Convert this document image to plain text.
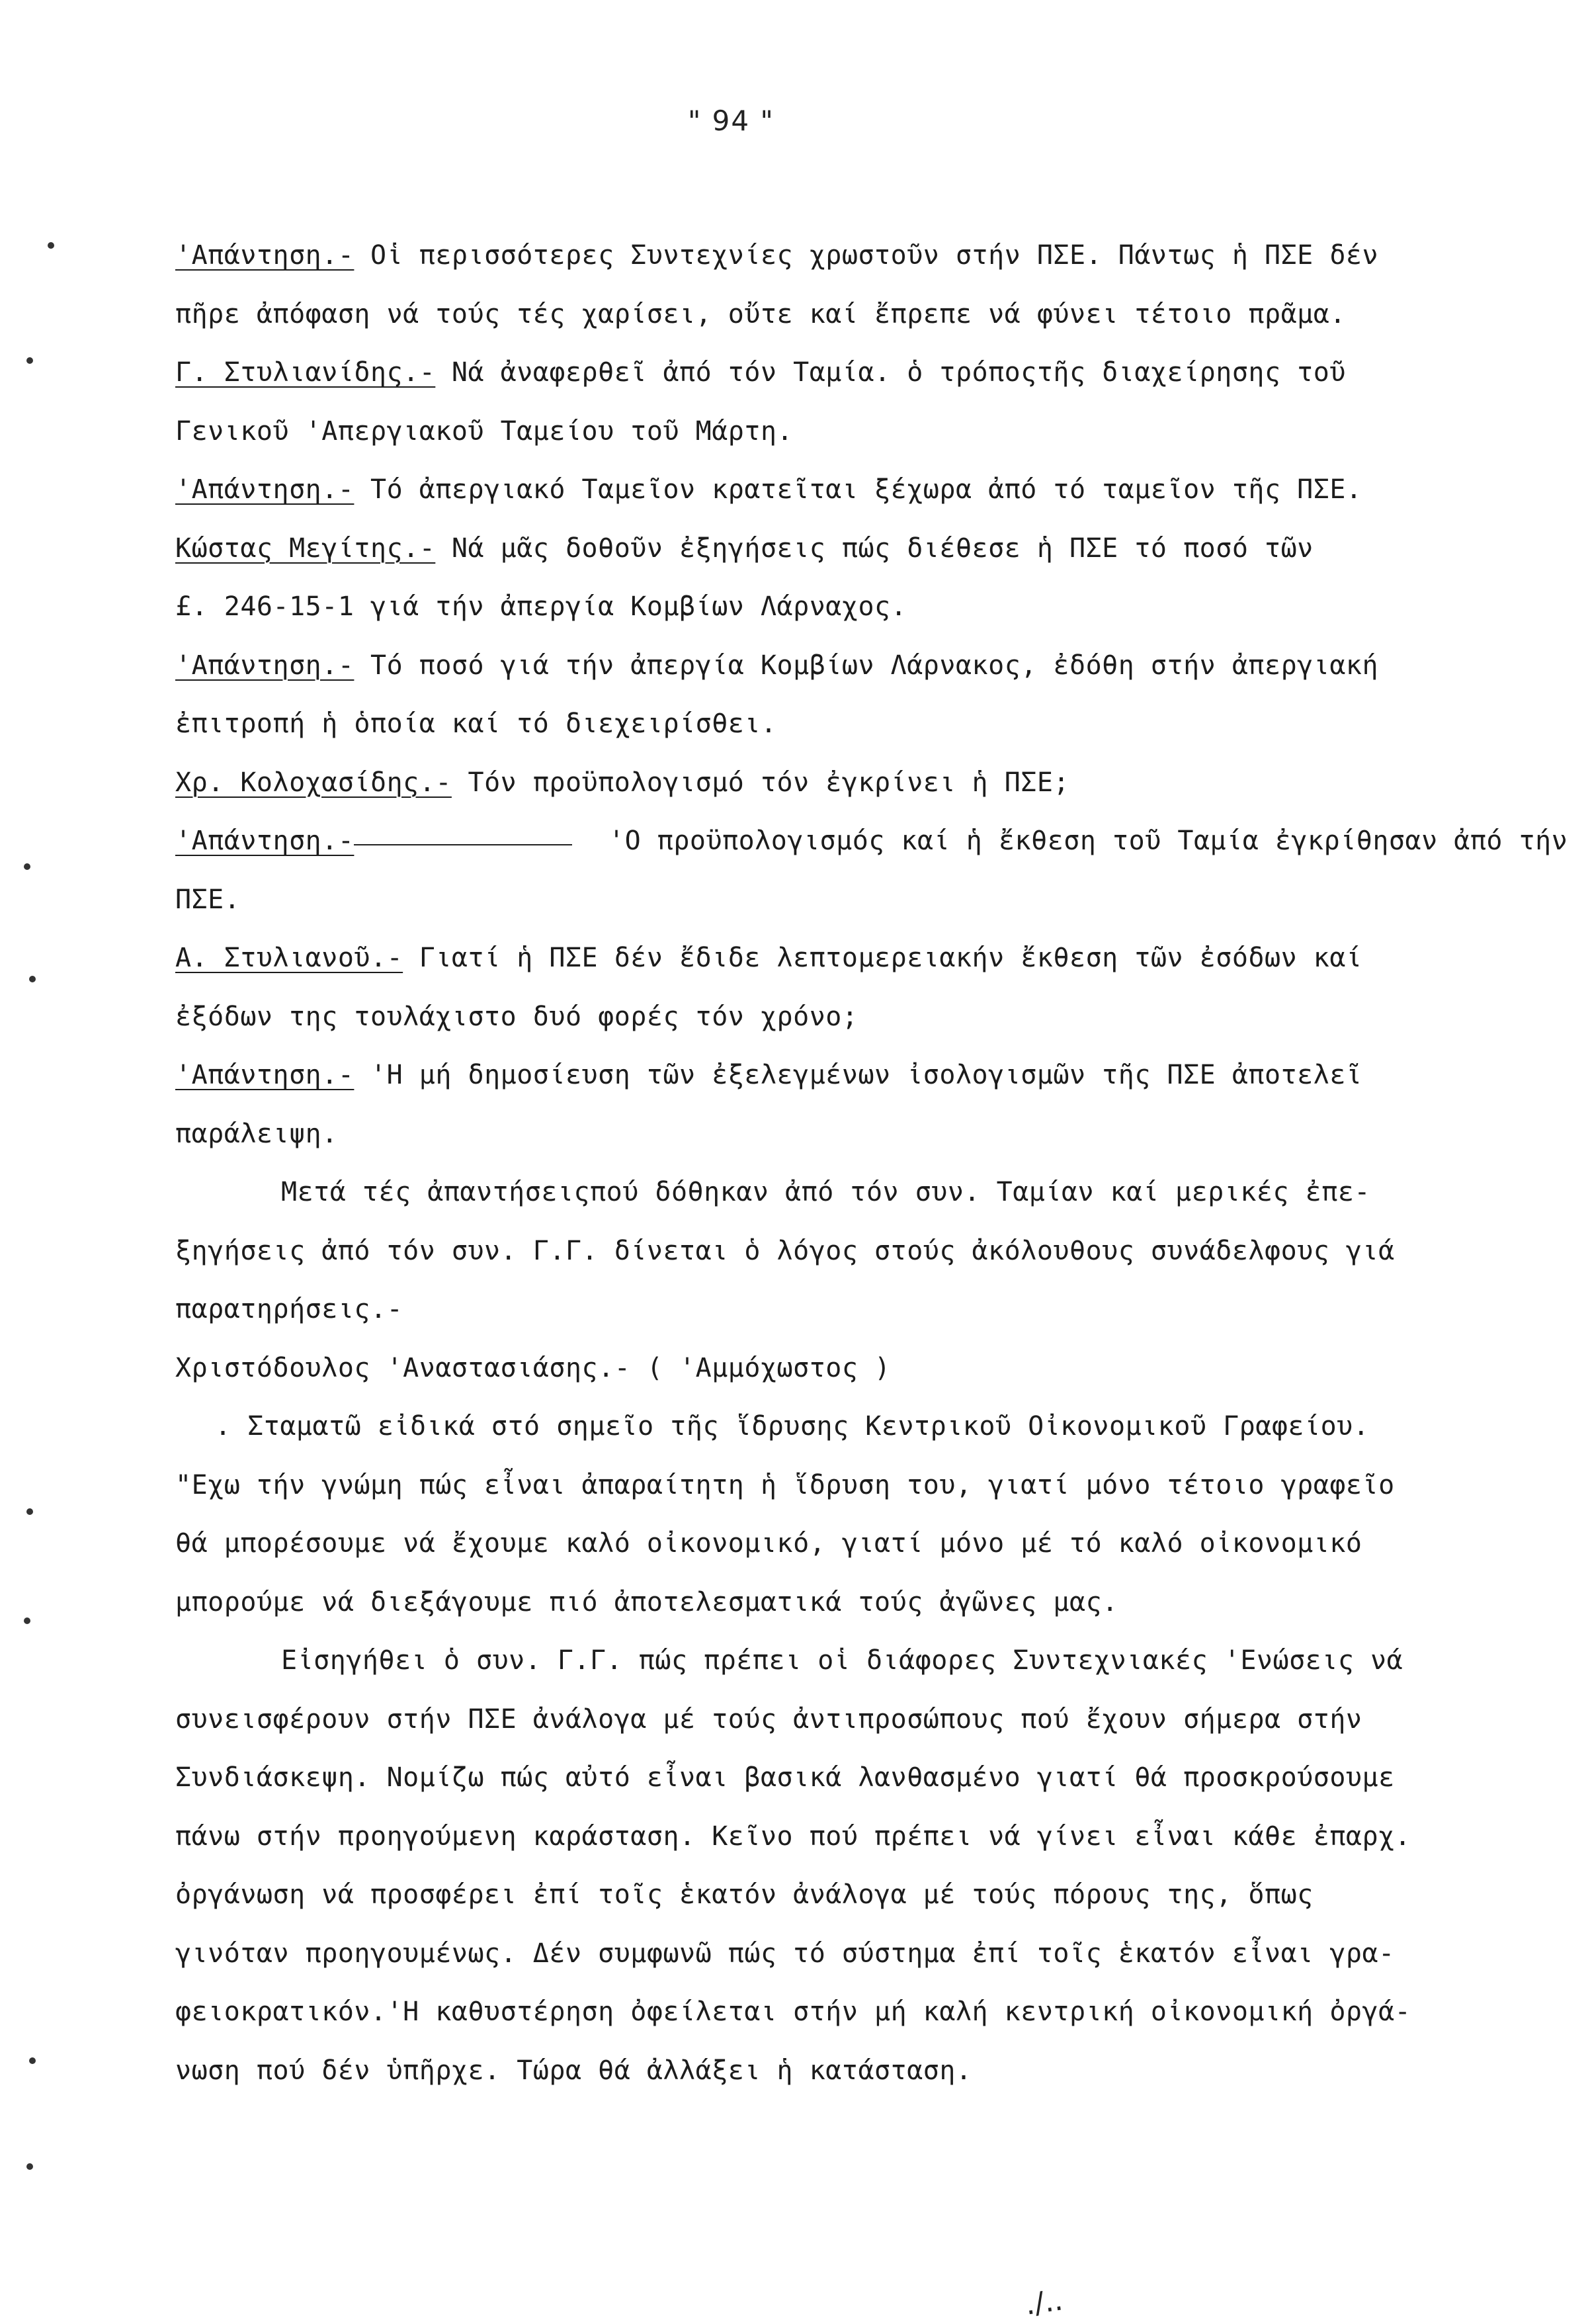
" 94 "
'Απάντηση.- Οἱ περισσότερες Συντεχνίες χρωστοῦν στήν ΠΣΕ. Πάντως ἡ ΠΣΕ δέν
πῆρε ἀπόφαση νά τούς τές χαρίσει, οὔτε καί ἔπρεπε νά φύνει τέτοιο πρᾶμα.
Γ. Στυλιανίδης.- Νά ἀναφερθεῖ ἀπό τόν Ταμία. ὁ τρόποςτῆς διαχείρησης τοῦ
Γενικοῦ 'Απεργιακοῦ Ταμείου τοῦ Μάρτη.
'Απάντηση.- Τό ἀπεργιακό Ταμεῖον κρατεῖται ξέχωρα ἀπό τό ταμεῖον τῆς ΠΣΕ.
Κώστας Μεγίτης.- Νά μᾶς δοθοῦν ἐξηγήσεις πώς διέθεσε ἡ ΠΣΕ τό ποσό τῶν
£. 246-15-1 γιά τήν ἀπεργία Κομβίων Λάρναχος.
'Απάντηση.- Τό ποσό γιά τήν ἀπεργία Κομβίων Λάρνακος, ἐδόθη στήν ἀπεργιακή
ἐπιτροπή ἡ ὁποία καί τό διεχειρίσθει.
Χρ. Κολοχασίδης.- Τόν προϋπολογισμό τόν ἐγκρίνει ἡ ΠΣΕ;
'Απάντηση.-	'Ο προϋπολογισμός καί ἡ ἔκθεση τοῦ Ταμία ἐγκρίθησαν ἀπό τήν
ΠΣΕ.
Α. Στυλιανοῦ.- Γιατί ἡ ΠΣΕ δέν ἔδιδε λεπτομερειακήν ἔκθεση τῶν ἐσόδων καί
ἐξόδων της τουλάχιστο δυό φορές τόν χρόνο;
'Απάντηση.- 'Η μή δημοσίευση τῶν ἐξελεγμένων ἰσολογισμῶν τῆς ΠΣΕ ἀποτελεῖ
παράλειψη.
Μετά τές ἀπαντήσειςπού δόθηκαν ἀπό τόν συν. Ταμίαν καί μερικές ἐπε-
ξηγήσεις ἀπό τόν συν. Γ.Γ. δίνεται ὁ λόγος στούς ἀκόλουθους συνάδελφους γιά
παρατηρήσεις.-
Χριστόδουλος 'Αναστασιάσης.- ( 'Αμμόχωστος )
. Σταματῶ εἰδικά στό σημεῖο τῆς ἵδρυσης Κεντρικοῦ Οἰκονομικοῦ Γραφείου.
"Εχω τήν γνώμη πώς εἶναι ἀπαραίτητη ἡ ἵδρυση του, γιατί μόνο τέτοιο γραφεῖο
θά μπορέσουμε νά ἔχουμε καλό οἰκονομικό, γιατί μόνο μέ τό καλό οἰκονομικό
μπορούμε νά διεξάγουμε πιό ἀποτελεσματικά τούς ἀγῶνες μας.
Εἰσηγήθει ὁ συν. Γ.Γ. πώς πρέπει οἱ διάφορες Συντεχνιακές 'Ενώσεις νά
συνεισφέρουν στήν ΠΣΕ ἀνάλογα μέ τούς ἀντιπροσώπους πού ἔχουν σήμερα στήν
Συνδιάσκεψη. Νομίζω πώς αὐτό εἶναι βασικά λανθασμένο γιατί θά προσκρούσουμε
πάνω στήν προηγούμενη καράσταση. Κεῖνο πού πρέπει νά γίνει εἶναι κάθε ἐπαρχ.
ὀργάνωση νά προσφέρει ἐπί τοῖς ἑκατόν ἀνάλογα μέ τούς πόρους της, ὅπως
γινόταν προηγουμένως. Δέν συμφωνῶ πώς τό σύστημα ἐπί τοῖς ἑκατόν εἶναι γρα-
φειοκρατικόν.'Η καθυστέρηση ὀφείλεται στήν μή καλή κεντρική οἰκονομική ὀργά-
νωση πού δέν ὑπῆρχε. Τώρα θά ἀλλάξει ἡ κατάσταση.
./..
